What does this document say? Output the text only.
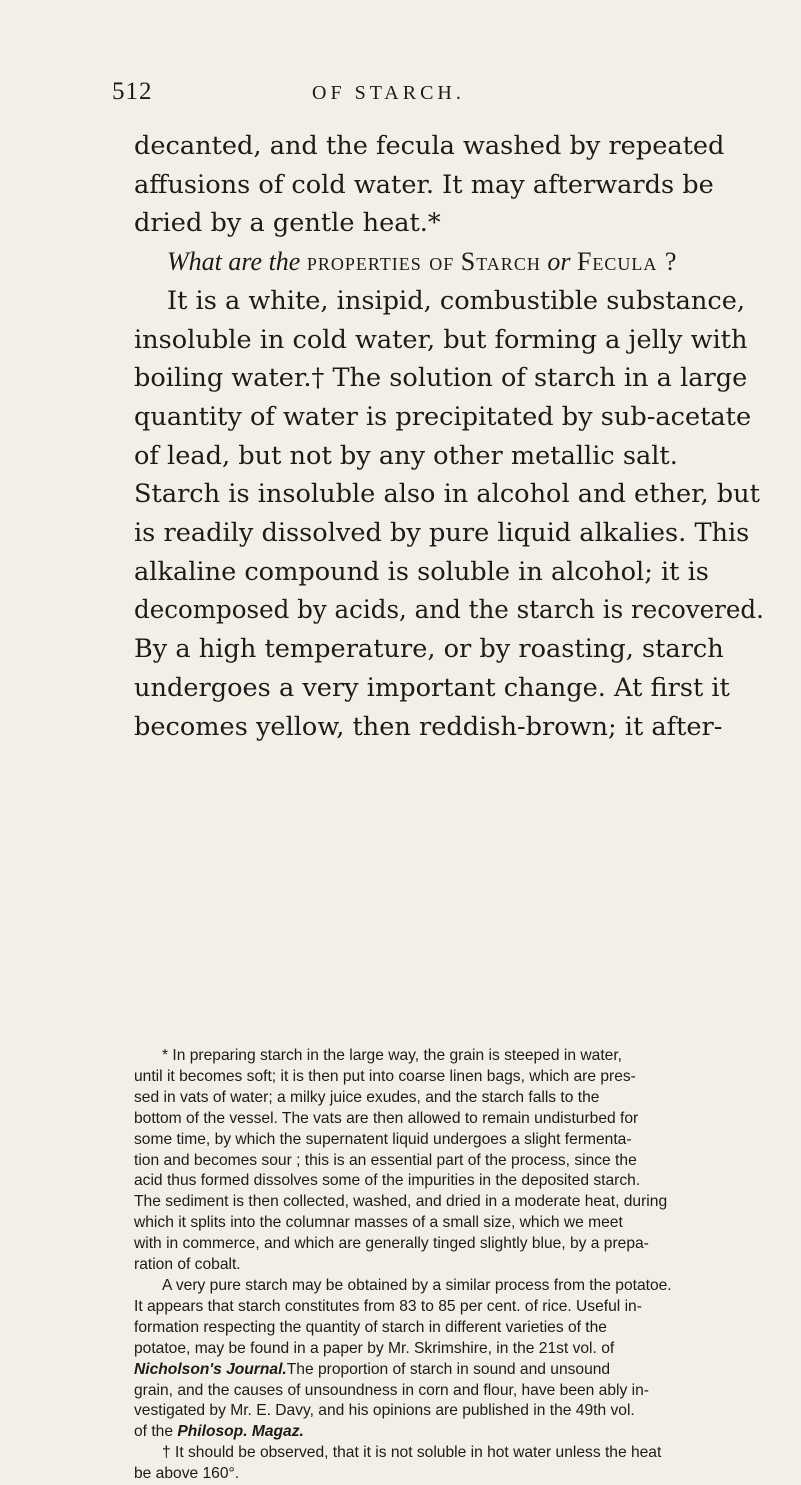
512	OF STARCH.
decanted, and the fecula washed by repeated
affusions of cold water. It may afterwards be
dried by a gentle heat.*
What are the
properties of
Starch
or
Fecula ?
It is a white, insipid, combustible substance,
insoluble in cold water, but forming a jelly with
boiling water.† The solution of starch in a large
quantity of water is precipitated by sub-acetate
of lead, but not by any other metallic salt.
Starch is insoluble also in alcohol and ether, but
is readily dissolved by pure liquid alkalies. This
alkaline compound is soluble in alcohol; it is
decomposed by acids, and the starch is recovered.
By a high temperature, or by roasting, starch
undergoes a very important change. At first it
becomes yellow, then reddish-brown; it after-
* In preparing starch in the large way, the grain is steeped in water,
until it becomes soft; it is then put into coarse linen bags, which are pres-
sed in vats of water; a milky juice exudes, and the starch falls to the
bottom of the vessel. The vats are then allowed to remain undisturbed for
some time, by which the supernatent liquid undergoes a slight fermenta-
tion and becomes sour ; this is an essential part of the process, since the
acid thus formed dissolves some of the impurities in the deposited starch.
The sediment is then collected, washed, and dried in a moderate heat, during
which it splits into the columnar masses of a small size, which we meet
with in commerce, and which are generally tinged slightly blue, by a prepa-
ration of cobalt.
A very pure starch may be obtained by a similar process from the potatoe.
It appears that starch constitutes from 83 to 85 per cent. of rice. Useful in-
formation respecting the quantity of starch in different varieties of the
potatoe, may be found in a paper by Mr. Skrimshire, in the 21st vol. of
Nicholson's Journal. The proportion of starch in sound and unsound
grain, and the causes of unsoundness in corn and flour, have been ably in-
vestigated by Mr. E. Davy, and his opinions are published in the 49th vol.
of the Philosop. Magaz.
† It should be observed, that it is not soluble in hot water unless the heat
be above 160°.
